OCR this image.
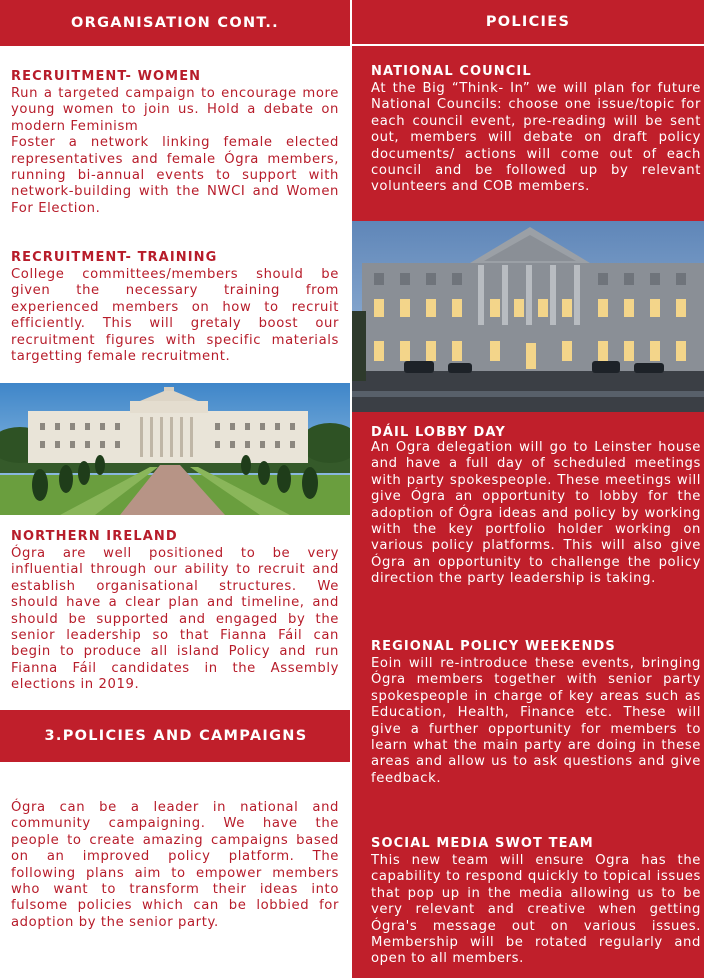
ORGANISATION CONT..
RECRUITMENT- WOMEN

Run a targeted campaign to encourage more young women to join us. Hold a debate on modern Feminism

Foster a network linking female elected representatives and female Ógra members, running bi-annual events to support with network-building with the NWCI and Women For Election.

RECRUITMENT- TRAINING
College committees/members should be given the necessary training from experienced members on how to recruit efficiently. This will gretaly boost our recruitment figures with specific materials targetting female recruitment.
NORTHERN IRELAND
Ógra are well positioned to be very influential through our ability to recruit and establish organisational structures. We should have a clear plan and timeline, and should be supported and engaged by the senior leadership so that Fianna Fáil can begin to produce all island Policy and run Fianna Fáil candidates in the Assembly elections in 2019.
3.POLICIES AND CAMPAIGNS
Ógra can be a leader in national and community campaigning. We have the people to create amazing campaigns based on an improved policy platform. The following plans aim to empower members who want to transform their ideas into fulsome policies which can be lobbied for adoption by the senior party.
NATIONAL COUNCIL
At the Big “Think- In” we will plan for future National Councils: choose one issue/topic for each council event, pre-reading will be sent out, members will debate on draft policy documents/ actions will come out of each council and be followed up by relevant volunteers and COB members.
DÁIL LOBBY DAY
An Ógra delegation will go to Leinster house and have a full day of scheduled meetings with party spokespeople. These meetings will give Ógra an opportunity to lobby for the adoption of Ógra ideas and policy by working with the key portfolio holder working on various policy platforms. This will also give Ógra an opportunity to challenge the policy direction the party leadership is taking.
REGIONAL POLICY WEEKENDS
Eoin will re-introduce these events, bringing Ógra members together with senior party spokespeople in charge of key areas such as Education, Health, Finance etc. These will give a further opportunity for members to learn what the main party are doing in these areas and allow us to ask questions and give feedback.
SOCIAL MEDIA SWOT TEAM
This new team will ensure Ógra has the capability to respond quickly to topical issues that pop up in the media allowing us to be very relevant and creative when getting Ógra's message out on various issues. Membership will be rotated regularly and open to all members.
POLICIES
